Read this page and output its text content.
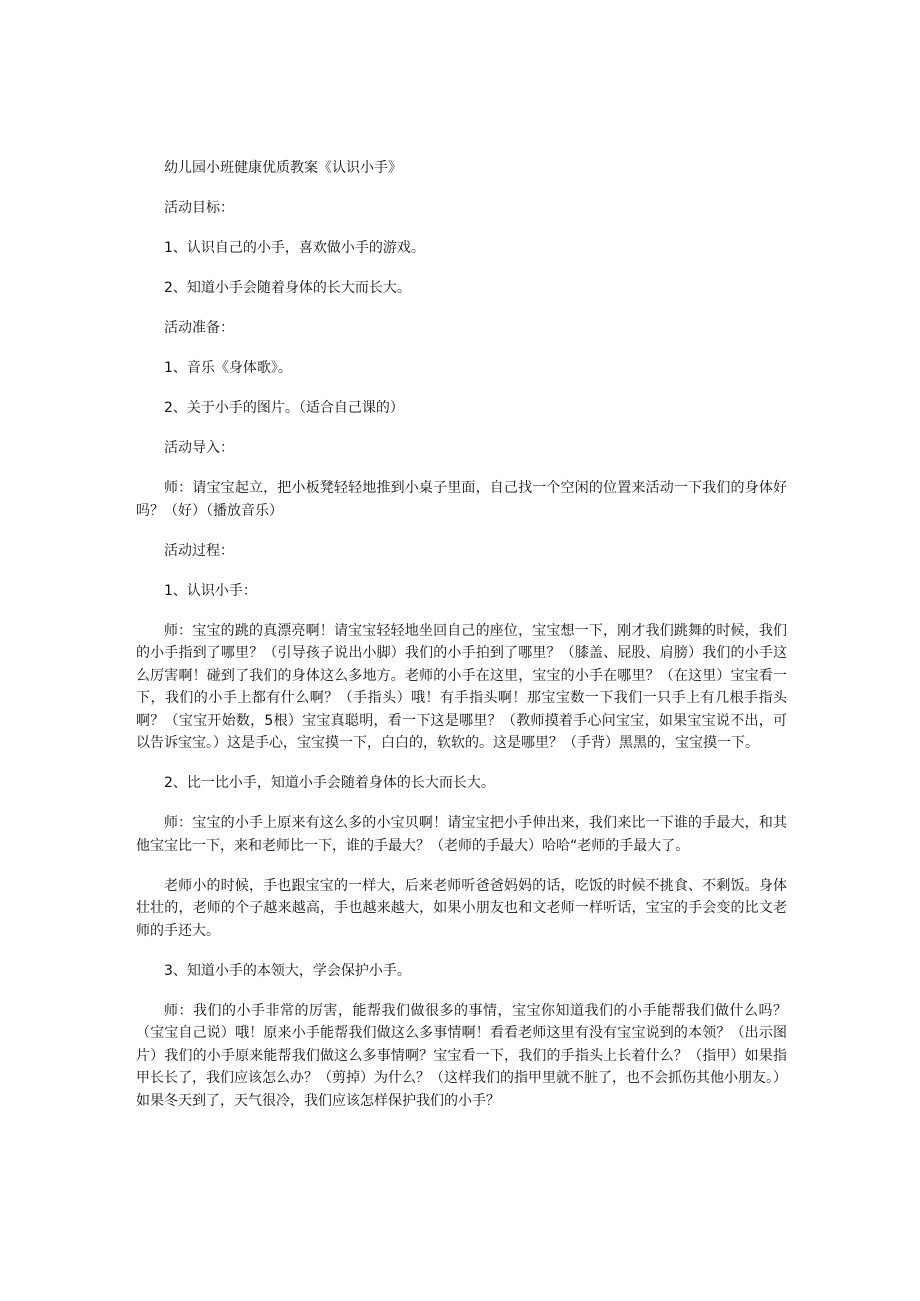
幼儿园小班健康优质教案《认识小手》

活动目标：

1、认识自己的小手，喜欢做小手的游戏。

2、知道小手会随着身体的长大而长大。

活动准备：

1、音乐《身体歌》。

2、关于小手的图片。（适合自己课的）

活动导入：

师：请宝宝起立，把小板凳轻轻地推到小桌子里面，自己找一个空闲的位置来活动一下我们的身体好吗？（好）（播放音乐）

活动过程：

1、认识小手：

师：宝宝的跳的真漂亮啊！请宝宝轻轻地坐回自己的座位，宝宝想一下，刚才我们跳舞的时候，我们的小手指到了哪里？（引导孩子说出小脚）我们的小手拍到了哪里？（膝盖、屁股、肩膀）我们的小手这么厉害啊！碰到了我们的身体这么多地方。老师的小手在这里，宝宝的小手在哪里？（在这里）宝宝看一下，我们的小手上都有什么啊？（手指头）哦！有手指头啊！那宝宝数一下我们一只手上有几根手指头啊？（宝宝开始数，5根）宝宝真聪明，看一下这是哪里？（教师摸着手心问宝宝，如果宝宝说不出，可以告诉宝宝。）这是手心，宝宝摸一下，白白的，软软的。这是哪里？（手背）黑黑的，宝宝摸一下。

2、比一比小手，知道小手会随着身体的长大而长大。

师：宝宝的小手上原来有这么多的小宝贝啊！请宝宝把小手伸出来，我们来比一下谁的手最大，和其他宝宝比一下，来和老师比一下，谁的手最大？（老师的手最大）哈哈“老师的手最大了。

老师小的时候，手也跟宝宝的一样大，后来老师听爸爸妈妈的话，吃饭的时候不挑食、不剩饭。身体壮壮的，老师的个子越来越高，手也越来越大，如果小朋友也和文老师一样听话，宝宝的手会变的比文老师的手还大。

3、知道小手的本领大，学会保护小手。

师：我们的小手非常的厉害，能帮我们做很多的事情，宝宝你知道我们的小手能帮我们做什么吗？（宝宝自己说）哦！原来小手能帮我们做这么多事情啊！看看老师这里有没有宝宝说到的本领？（出示图片）我们的小手原来能帮我们做这么多事情啊？宝宝看一下，我们的手指头上长着什么？（指甲）如果指甲长长了，我们应该怎么办？（剪掉）为什么？（这样我们的指甲里就不脏了，也不会抓伤其他小朋友。）如果冬天到了，天气很冷，我们应该怎样保护我们的小手？
